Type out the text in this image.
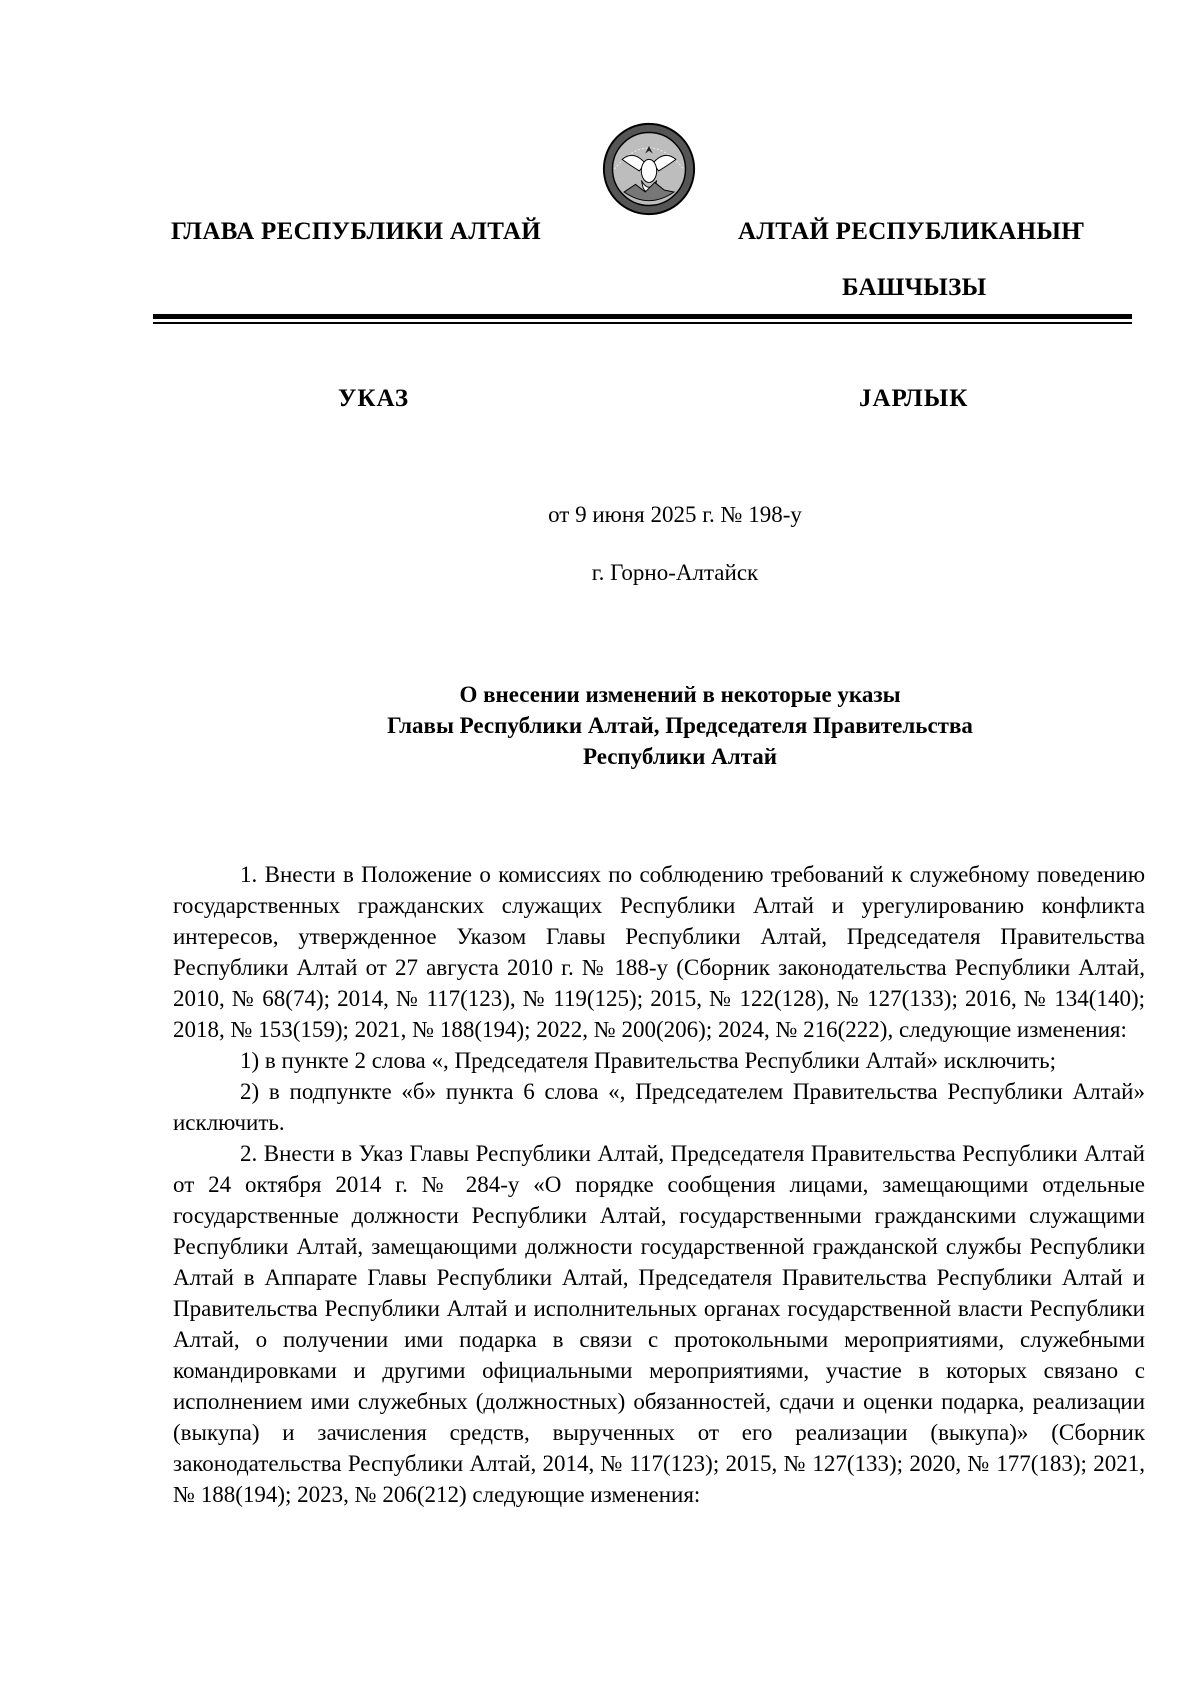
ГЛАВА РЕСПУБЛИКИ АЛТАЙ	АЛТАЙ РЕСПУБЛИКАНЫҤ
БАШЧЫЗЫ
УКАЗ	JАРЛЫК
от 9 июня 2025 г. № 198-у
г. Горно-Алтайск
О внесении изменений в некоторые указы
Главы Республики Алтай, Председателя Правительства
Республики Алтай

1. Внести в Положение о комиссиях по соблюдению требований к служебному поведению государственных гражданских служащих Республики Алтай и урегулированию конфликта интересов, утвержденное Указом Главы Республики Алтай, Председателя Правительства Республики Алтай от 27 августа 2010 г. № 188-у (Сборник законодательства Республики Алтай, 2010, № 68(74); 2014, № 117(123), № 119(125); 2015, № 122(128), № 127(133); 2016, № 134(140); 2018, № 153(159); 2021, № 188(194); 2022, № 200(206); 2024, № 216(222), следующие изменения:

1) в пункте 2 слова «, Председателя Правительства Республики Алтай» исключить;

2) в подпункте «б» пункта 6 слова «, Председателем Правительства Республики Алтай» исключить.

2. Внести в Указ Главы Республики Алтай, Председателя Правительства Республики Алтай от 24 октября 2014 г. № 284-у «О порядке сообщения лицами, замещающими отдельные государственные должности Республики Алтай, государственными гражданскими служащими Республики Алтай, замещающими должности государственной гражданской службы Республики Алтай в Аппарате Главы Республики Алтай, Председателя Правительства Республики Алтай и Правительства Республики Алтай и исполнительных органах государственной власти Республики Алтай, о получении ими подарка в связи с протокольными мероприятиями, служебными командировками и другими официальными мероприятиями, участие в которых связано с исполнением ими служебных (должностных) обязанностей, сдачи и оценки подарка, реализации (выкупа) и зачисления средств, вырученных от его реализации (выкупа)» (Сборник законодательства Республики Алтай, 2014, № 117(123); 2015, № 127(133); 2020, № 177(183); 2021, № 188(194); 2023, № 206(212) следующие изменения:
